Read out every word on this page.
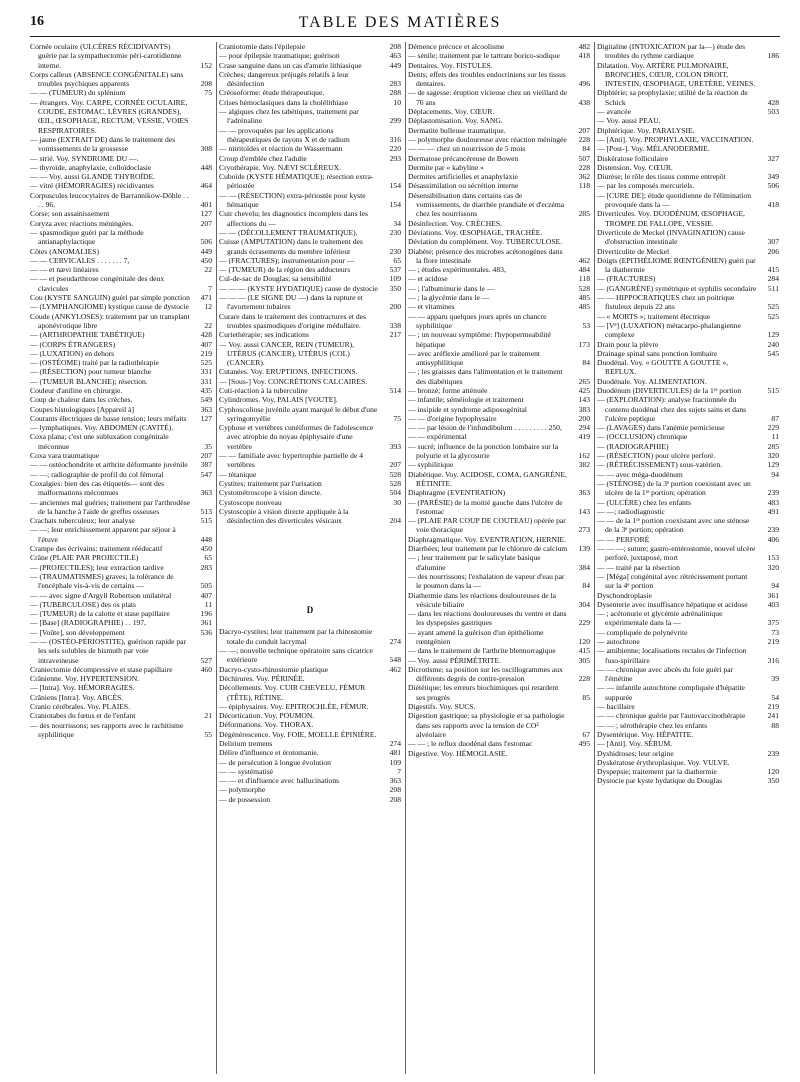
16	TABLE DES MATIÈRES
Cornée oculaire (ULCÈRES RÉCIDIVANTS) guérie par la sympathectomie péri-carotidienne interne.	152
Corps calleux (ABSENCE CONGÉNITALE) sans troubles psychiques apparents	208
— — (TUMEUR) du splénium	75
— étrangers. Voy. CARPE, CORNÉE OCULAIRE, COUDE, ESTOMAC, LÈVRES (GRANDES), ŒIL, ŒSOPHAGE, RECTUM, VESSIE, VOIES RESPIRATOIRES.
— jaune (EXTRAIT DE) dans le traitement des vomissements de la grossesse	308
— strié. Voy. SYNDROME DU —.
— thyroïde, anaphylaxie, colloïdoclasie	448
— — Voy. aussi GLANDE THYROÏDE.
— vitré (HÉMORRAGIES) récidivantes	464
Corpuscules leucocytaires de Barrannikow-Döhle . . . . 96,	401
Corse; son assainissement	127
Coryza avec réactions méningées.	207
— spasmodique guéri par la méthode antianaphylactique	506
Côtes (ANOMALIES)	449
— — CERVICALES . . . . . . . 7,	450
— — et nævi linéaires	22
— — et pseudarthrose congénitale des deux clavicules	7
Cou (KYSTE SANGUIN) guéri par simple ponction 471
— (LYMPHANGIOME) kystique cause de dystocie 12
Coude (ANKYLOSES): traitement par un transplant aponévrotique libre	22
— (ARTHROPATHIE TABÉTIQUE)	428
— (CORPS ÉTRANGERS)	407
— (LUXATION) en dehors	219
— (OSTÉOME) traité par la radiothérapie	525
— (RÉSECTION) pour tumeur blanche	331
— (TUMEUR BLANCHE); résection.	331
Couleur d'aniline en chirurgie.	435
Coup de chaleur dans les crèches.	549
Coupes histologiques [Appareil à]	363
Courants électriques de basse tension; leurs méfaits 127
— lymphatiques. Voy. ABDOMEN (CAVITÉ).
Coxa plana; c'est une subluxation congénitale méconnue	35
Coxa vara traumatique	207
— — ostéochondrite et arthrite déformante juvénile 387
— —; radiographie de profil du col fémoral	547
Coxalgies: bien des cas étiquetés— sont des malformations méconnues	363
— anciennes mal guéries; traitement par l'arthrodèse de la hanche à l'aide de greffes osseuses	513
Crachats tuberculeux; leur analyse	515
— —; leur enrichissement apparent par séjour à l'étuve	448
Crampe des écrivains: traitement rééducatif	450
Crâne (PLAIE PAR PROJECTILE)	65
— (PROJECTILES); leur extraction tardive	283
— (TRAUMATISMES) graves; la tolérance de l'encéphale vis-à-vis de certains —	505
— — avec signe d'Argyll Robertson unilatéral	407
— (TUBERCULOSE) des os plats	11
— (TUMEUR) de la calotte et stase papillaire	196
— [Base] (RADIOGRAPHIE) . . 197,	361
— [Voûte], son développement	536
— — (OSTÉO-PÉRIOSTITE), guérison rapide par les sels solubles de bismuth par voie intraveineuse	527
Craniectomie décompressive et stase papillaire	460
Crânienne. Voy. HYPERTENSION.
— [Intra]. Voy. HÉMORRAGIES.
Crâniens [Intra]. Voy. ABCÈS.
Cranio cérébrales. Voy. PLAIES.
Craniotabes du fœtus et de l'enfant	21
— des nourrissons; ses rapports avec le rachitisme syphilitique	55
Craniotomie dans l'épilepsie	208
— pour épilepsie traumatique; guérison	463
Crase sanguine dans un cas d'anurie lithiasique	449
Crèches; dangereux préjugés relatifs à leur désinfection	283
Créosoforme: étude thérapeutique.	288
Crises hémoclasiques dans la cholélithiase	10
— algiques chez les tabétiques, traitement par l'adrénaline	299
— — provoquées par les applications thérapeutiques de rayons X et de radium	316
— nitritoïdes et réaction de Wassermann	220
Croup d'emblée chez l'adulte	293
Cryothérapie. Voy. NÆVI SCLÉREUX.
Cuboïde (KYSTE HÉMATIQUE); résection extra-périostée	154
— — (RÉSECTION) extra-périostée pour kyste hématique	154
Cuir chevelu; les diagnostics incomplets dans les affections du —	34
— — (DÉCOLLEMENT TRAUMATIQUE).	230
Cuisse (AMPUTATION) dans le traitement des grands écrasements du membre inférieur	230
— (FRACTURES); instrumentation pour —	65
— (TUMEUR) de la région des adducteurs	537
Cul-de-sac de Douglas; sa sensibilité	109
— — — (KYSTE HYDATIQUE) cause de dystocie 350
— — — (LE SIGNE DU —) dans la rupture et l'avortement tubaires	200
Curare dans le traitement des contractures et des troubles spasmodiques d'origine médullaire.	338
Curiethérapie; ses indications	217
— Voy. aussi CANCER, REIN (TUMEUR), UTÉRUS (CANCER), UTÉRUS (COL) (CANCER).
Cutanées. Voy. ERUPTIONS, INFECTIONS.
— [Sous-] Voy. CONCRÉTIONS CALCAIRES.
Cuti-réaction à la tuberculine	514
Cylindromes. Voy. PALAIS [VOUTE].
Cyphoscoliose juvénile ayant marqué le début d'une syringomyélie	75
Cyphose et vertèbres cunéiformes de l'adolescence avec atrophie du noyau épiphysaire d'une vertèbre	393
— — familiale avec hypertrophie partielle de 4 vertèbres	207
— tétanique	528
Cystites; traitement par l'urisation	528
Cystométroscope à vision directe.	504
Cystoscope nouveau	30
Cystoscopie à vision directe appliquée à la désinfection des diverticules vésicaux	204
D
Dacryo-cystites; leur traitement par la rhinostomie totale du conduit lacrymal	274
— —; nouvelle technique opératoire sans cicatrice extérieure	548
Dacryo-cysto-rhinostomie plastique	462
Déchirures. Voy. PÉRINÉE.
Décollements. Voy. CUIR CHEVELU, FÉMUR (TÊTE), RÉTINE.
— épiphysaires. Voy. EPITROCHLÉE, FÉMUR.
Décortication. Voy. POUMON.
Déformations. Voy. THORAX.
Dégénérescence. Voy. FOIE, MOELLE ÉPINIÈRE.
Delirium tremens	274
Délire d'influence et érotomanie.	481
— de persécution à longue évolution	109
— — systématisé	7
— — et d'influence avec hallucinations	363
— polymorphe	208
— de possession	208
Démence précoce et alcoolisme	482
— sénile; traitement par le tartrate borico-sodique 418
Dentaires. Voy. FISTULES.
Dents; effets des troubles endocriniens sur les tissus dentaires.	496
— de sagesse: éruption vicieuse chez un vieillard de 76 ans	438
Déplacements. Voy. CŒUR.
Déplastomisation. Voy. SANG.
Dermatite bulleuse traumatique.	207
— polymorphe douloureuse avec réaction méningée 228
— — — chez un nourrisson de 5 mois	84
Dermatose précancéreuse de Bowen	507
Dermite par « kabyline »	228
Dermites artificielles et anaphylaxie	362
Désassimilation ou sécrétion interne	118
Désensibilisation dans certains cas de vomissements, de diarrhée prandiale et d'eczéma chez les nourrissons	285
Désinfection. Voy. CRÈCHES.
Déviations. Voy. ŒSOPHAGE, TRACHÉE.
Déviation du complément. Voy. TUBERCULOSE.
Diabète; présence des microbes acétonogènes dans la flore intestinale	462
— ; études expérimentales. 483,	484
— et acidose	118
— ; l'albuminurie dans le —	528
— ; la glycémie dans le —	485
— et vitamines	485
— — apparu quelques jours après un chancre syphilitique	53
— ; un nouveau symptôme: l'hypopermeabilité hépatique	173
— avec aréflexie amélioré par le traitement antisyphilitique	84
— ; les graisses dans l'alimentation et le traitement des diabétiques	265
— bronzé; forme atténuée	425
— infantile; séméiologie et traitement	143
— insipide et syndrome adiposogénital	383
— — d'origine hypophysaire	200
— — par lésion de l'infundibulum . . . . . . . . . 250, 294
— — expérimental	419
— sucré; influence de la ponction lombaire sur la polyurie et la glycosurie	162
— syphilitique	382
Diabétique. Voy. ACIDOSE, COMA, GANGRÈNE, RÉTINITE.
Diaphragme (EVENTRATION)	363
— (PARÉSIE) de la moitié gauche dans l'ulcère de l'estomac	143
— (PLAIE PAR COUP DE COUTEAU) opérée par voie thoracique	273
Diaphragmatique. Voy. EVENTRATION, HERNIE.
Diarrhées; leur traitement par le chlorure de calcium 139
— ; leur traitement par le salicylate basique d'alumine	384
— des nourrissons; l'exhalation de vapeur d'eau par le poumon dans la —	84
Diathermie dans les réactions douloureuses de la vésicule biliaire	304
— dans les réactions douloureuses du ventre et dans les dyspepsies gastriques	229
— ayant amené la guérison d'un épithéliome rœntgénien	120
— dans le traitement de l'arthrite blennorragique	415
— Voy. aussi PÉRIMÉTRITE.	305
Dicrotisme; sa position sur les oscillogrammes aux différents degrés de contre-pression	228
Diététique; les erreurs biochimiques qui retardent ses progrès	85
Digestifs. Voy. SUCS.
Digestion gastrique; sa physiologie et sa pathologie dans ses rapports avec la tension de CO² alvéolaire	67
— — ; le reflux duodénal dans l'estomac	495
Digestive. Voy. HÉMOGLASIE.
Digitaline (INTOXICATION par la—) étude des troubles du rythme cardiaque	186
Dilatation. Voy. ARTÈRE PULMONAIRE, BRONCHES, CŒUR, COLON DROIT, INTESTIN, ŒSOPHAGE, URETÈRE, VEINES.
Diphtérie; sa prophylaxie; utilité de la réaction de Schick	428
— avancée	503
— Voy. aussi PEAU.
Diphtérique. Voy. PARALYSIE.
— [Anti]. Voy. PROPHYLAXIE, VACCINATION.
— [Post-]. Voy. MÉLANODERMIE.
Diskératose folliculaire	327
Distension. Voy. CŒUR.
Diurèse; le rôle des tissus comme entrepôt	349
— par les composés mercuriels.	506
— [CURE DE]; étude quotidienne de l'élimination provoquée dans la —	418
Diverticules. Voy. DUODÉNUM, ŒSOPHAGE, TROMPE DE FALLOPE, VESSIE.
Diverticule de Meckel (INVAGINATION) cause d'obstruction intestinale	307
Diverticulite de Meckel	206
Doigts (EPITHÉLIOME RŒNTGÉNIEN) guéri par la diathermie	415
— (FRACTURES)	284
— (GANGRÈNE) symétrique et syphilis secondaire 511
— — HIPPOCRATIQUES chez un poitrique fistuleux depuis 22 ans	525
— « MORTS »; traitement électrique	525
— [Vᵉ] (LUXATION) métacarpo-phalangienne complexe	129
Drain pour la plèvre	240
Drainage spinal sans ponction lombaire	545
Duodénal. Voy. « GOUTTE A GOUTTE », REFLUX.
Duodénale. Voy. ALIMENTATION.
Duodénum (DIVERTICULES) de la 1ʳᵉ portion	515
— (EXPLORATION): analyse fractionnée du contenu duodénal chez des sujets sains et dans l'ulcère peptique	87
— (LAVAGES) dans l'anémie pernicieuse	229
— (OCCLUSION) chronique	11
— (RADIOGRAPHIE)	285
— (RÉSECTION) pour ulcère perforé.	320
— (RÉTRÉCISSEMENT) sous-vatérien.	129
— — avec méga-duodénum	94
— (STÉNOSE) de la 3ᵉ portion coexistant avec un ulcère de la 1ʳᵉ portion; opération	239
— (ULCÈRE) chez les enfants	483
— —; radiodiagnostic	491
— — de la 1ʳᵉ portion coexistant avec une sténose de la 3ᵉ portion; opération	239
— — PERFORÉ	406
— — —; suture; gastro-entérostomie, nouvel ulcère perforé, juxtaposé, mort	153
— — traité par la résection	320
— [Méga] congénital avec rétrécissement portant sur la 4ᵉ portion	94
Dyschondroplasie	361
Dysenterie avec insuffisance hépatique et acidose	403
— ; acétonurie et glycémie adrénalinique expérimentale dans la —	375
— compliquée de polynévrite	73
— autochtone	219
— amibienne; localisations rectales de l'infection fuso-spirillaire	316
— — chronique avec abcès du foie guéri par l'émétine	39
— — infantile autochtone compliquée d'hépatite suppurée	54
— bacillaire	219
— — chronique guérie par l'autovaccinothérapie	241
— — ; sérothérapie chez les enfants	88
Dysentérique. Voy. HÉPATITE.
— [Anti]. Voy. SÉRUM.
Dyshidroses; leur origine	239
Dyskératose érythroplasique. Voy. VULVE.
Dyspepsie; traitement par la diathermie	120
Dystocie par kyste hydatique du Douglas	350
